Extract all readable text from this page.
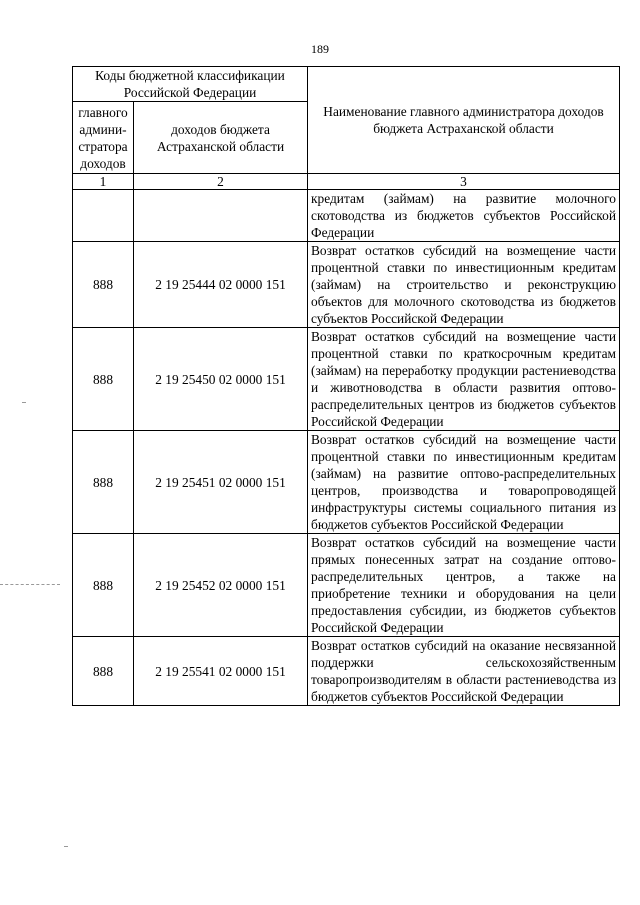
189
Коды бюджетной классификации Российской Федерации		Наименование главного администратора доходов бюджета Астраханской области
главного админи-стратора доходов	доходов бюджета Астраханской области	
1	2	3
		кредитам (займам) на развитие молочного скотоводства из бюджетов субъектов Российской Федерации
888	2 19 25444 02 0000 151	Возврат остатков субсидий на возмещение части процентной ставки по инвестиционным кредитам (займам) на строительство и реконструкцию объектов для молочного скотоводства из бюджетов субъектов Российской Федерации
888	2 19 25450 02 0000 151	Возврат остатков субсидий на возмещение части процентной ставки по краткосрочным кредитам (займам) на переработку продукции растениеводства и животноводства в области развития оптово-распределительных центров из бюджетов субъектов Российской Федерации
888	2 19 25451 02 0000 151	Возврат остатков субсидий на возмещение части процентной ставки по инвестиционным кредитам (займам) на развитие оптово-распределительных центров, производства и товаропроводящей инфраструктуры системы социального питания из бюджетов субъектов Российской Федерации
888	2 19 25452 02 0000 151	Возврат остатков субсидий на возмещение части прямых понесенных затрат на создание оптово-распределительных центров, а также на приобретение техники и оборудования на цели предоставления субсидии, из бюджетов субъектов Российской Федерации
888	2 19 25541 02 0000 151	Возврат остатков субсидий на оказание несвязанной поддержки сельскохозяйственным товаропроизводителям в области растениеводства из бюджетов субъектов Российской Федерации
